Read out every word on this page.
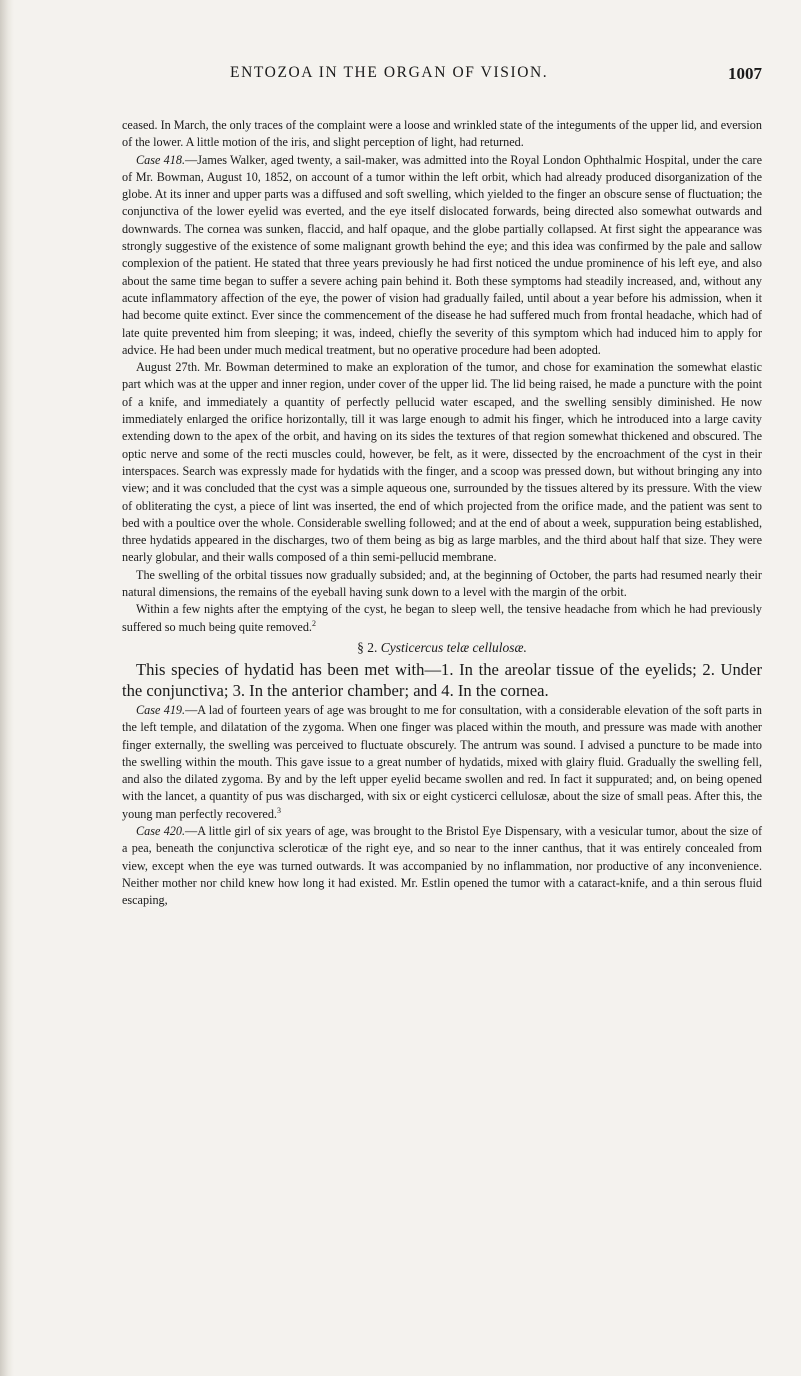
ENTOZOA IN THE ORGAN OF VISION.	1007

ceased. In March, the only traces of the complaint were a loose and wrinkled state of the integuments of the upper lid, and eversion of the lower. A little motion of the iris, and slight perception of light, had returned.

Case 418.—James Walker, aged twenty, a sail-maker, was admitted into the Royal London Ophthalmic Hospital, under the care of Mr. Bowman, August 10, 1852, on account of a tumor within the left orbit, which had already produced disorganization of the globe. At its inner and upper parts was a diffused and soft swelling, which yielded to the finger an obscure sense of fluctuation; the conjunctiva of the lower eyelid was everted, and the eye itself dislocated forwards, being directed also somewhat outwards and downwards. The cornea was sunken, flaccid, and half opaque, and the globe partially collapsed. At first sight the appearance was strongly suggestive of the existence of some malignant growth behind the eye; and this idea was confirmed by the pale and sallow complexion of the patient. He stated that three years previously he had first noticed the undue prominence of his left eye, and also about the same time began to suffer a severe aching pain behind it. Both these symptoms had steadily increased, and, without any acute inflammatory affection of the eye, the power of vision had gradually failed, until about a year before his admission, when it had become quite extinct. Ever since the commencement of the disease he had suffered much from frontal headache, which had of late quite prevented him from sleeping; it was, indeed, chiefly the severity of this symptom which had induced him to apply for advice. He had been under much medical treatment, but no operative procedure had been adopted.

August 27th. Mr. Bowman determined to make an exploration of the tumor, and chose for examination the somewhat elastic part which was at the upper and inner region, under cover of the upper lid. The lid being raised, he made a puncture with the point of a knife, and immediately a quantity of perfectly pellucid water escaped, and the swelling sensibly diminished. He now immediately enlarged the orifice horizontally, till it was large enough to admit his finger, which he introduced into a large cavity extending down to the apex of the orbit, and having on its sides the textures of that region somewhat thickened and obscured. The optic nerve and some of the recti muscles could, however, be felt, as it were, dissected by the encroachment of the cyst in their interspaces. Search was expressly made for hydatids with the finger, and a scoop was pressed down, but without bringing any into view; and it was concluded that the cyst was a simple aqueous one, surrounded by the tissues altered by its pressure. With the view of obliterating the cyst, a piece of lint was inserted, the end of which projected from the orifice made, and the patient was sent to bed with a poultice over the whole. Considerable swelling followed; and at the end of about a week, suppuration being established, three hydatids appeared in the discharges, two of them being as big as large marbles, and the third about half that size. They were nearly globular, and their walls composed of a thin semi-pellucid membrane.

The swelling of the orbital tissues now gradually subsided; and, at the beginning of October, the parts had resumed nearly their natural dimensions, the remains of the eyeball having sunk down to a level with the margin of the orbit.

Within a few nights after the emptying of the cyst, he began to sleep well, the tensive headache from which he had previously suffered so much being quite removed.$^2$

§ 2. Cysticercus telæ cellulosæ.

This species of hydatid has been met with—1. In the areolar tissue of the eyelids; 2. Under the conjunctiva; 3. In the anterior chamber; and 4. In the cornea.

Case 419.—A lad of fourteen years of age was brought to me for consultation, with a considerable elevation of the soft parts in the left temple, and dilatation of the zygoma. When one finger was placed within the mouth, and pressure was made with another finger externally, the swelling was perceived to fluctuate obscurely. The antrum was sound. I advised a puncture to be made into the swelling within the mouth. This gave issue to a great number of hydatids, mixed with glairy fluid. Gradually the swelling fell, and also the dilated zygoma. By and by the left upper eyelid became swollen and red. In fact it suppurated; and, on being opened with the lancet, a quantity of pus was discharged, with six or eight cysticerci cellulosæ, about the size of small peas. After this, the young man perfectly recovered.$^3$

Case 420.—A little girl of six years of age, was brought to the Bristol Eye Dispensary, with a vesicular tumor, about the size of a pea, beneath the conjunctiva scleroticæ of the right eye, and so near to the inner canthus, that it was entirely concealed from view, except when the eye was turned outwards. It was accompanied by no inflammation, nor productive of any inconvenience. Neither mother nor child knew how long it had existed. Mr. Estlin opened the tumor with a cataract-knife, and a thin serous fluid escaping,
